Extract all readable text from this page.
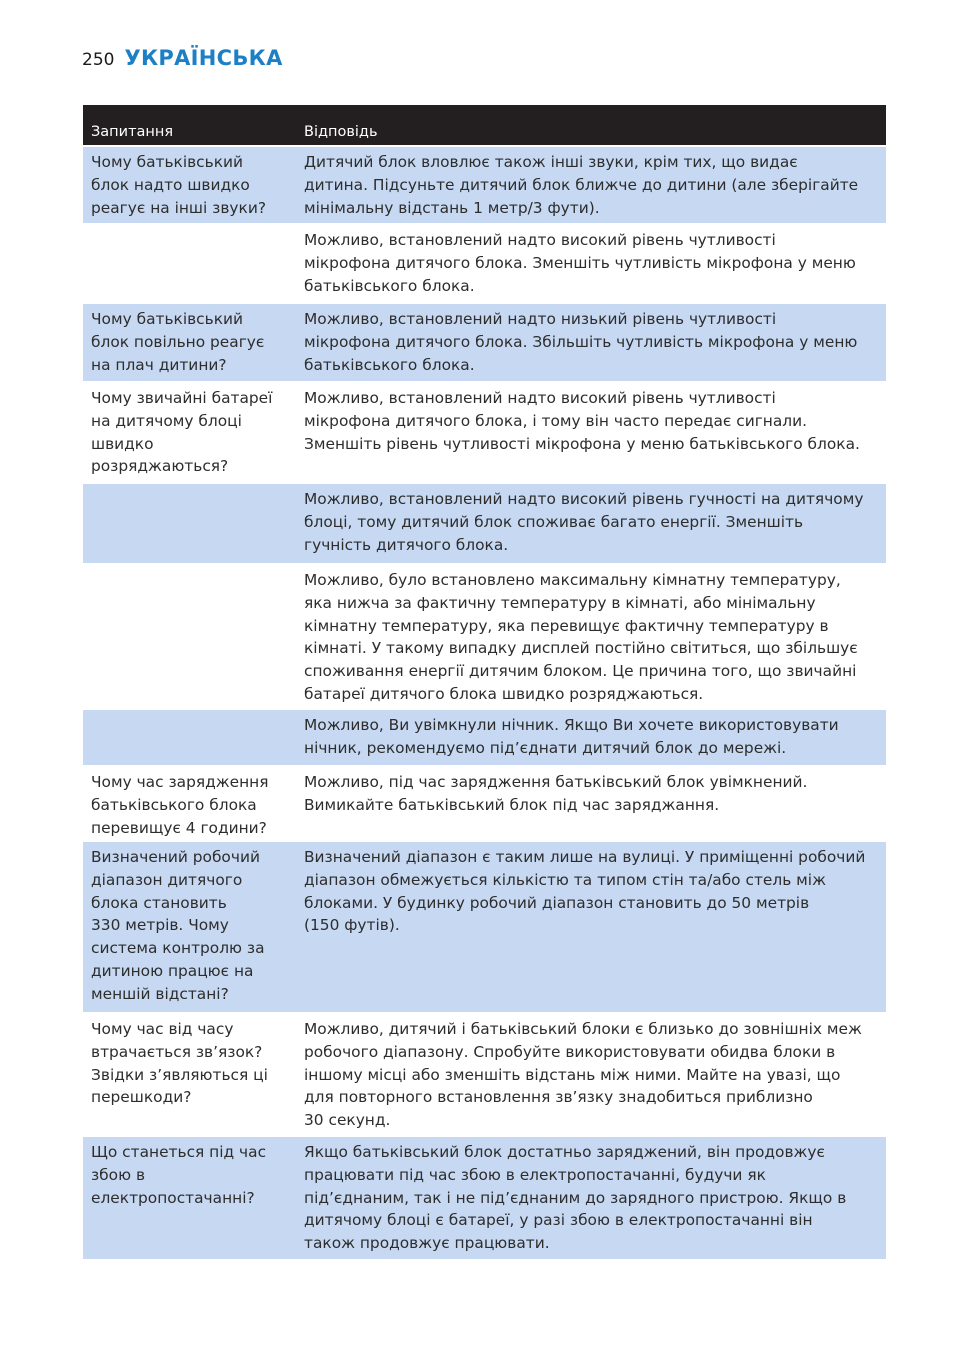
250 УКРАЇНСЬКА
Запитання	Відповідь
Чому батьківський
блок надто швидко
реагує на інші звуки?
Дитячий блок вловлює також інші звуки, крім тих, що видає
дитина. Підсуньте дитячий блок ближче до дитини (але зберігайте
мінімальну відстань 1 метр/3 фути).
Можливо, встановлений надто високий рівень чутливості
мікрофона дитячого блока. Зменшіть чутливість мікрофона у меню
батьківського блока.
Чому батьківський
блок повільно реагує
на плач дитини?
Можливо, встановлений надто низький рівень чутливості
мікрофона дитячого блока. Збільшіть чутливість мікрофона у меню
батьківського блока.
Чому звичайні батареї
на дитячому блоці
швидко
розряджаються?
Можливо, встановлений надто високий рівень чутливості
мікрофона дитячого блока, і тому він часто передає сигнали.
Зменшіть рівень чутливості мікрофона у меню батьківського блока.
Можливо, встановлений надто високий рівень гучності на дитячому
блоці, тому дитячий блок споживає багато енергії. Зменшіть
гучність дитячого блока.
Можливо, було встановлено максимальну кімнатну температуру,
яка нижча за фактичну температуру в кімнаті, або мінімальну
кімнатну температуру, яка перевищує фактичну температуру в
кімнаті. У такому випадку дисплей постійно світиться, що збільшує
споживання енергії дитячим блоком. Це причина того, що звичайні
батареї дитячого блока швидко розряджаються.
Можливо, Ви увімкнули нічник. Якщо Ви хочете використовувати
нічник, рекомендуємо під’єднати дитячий блок до мережі.
Чому час зарядження
батьківського блока
перевищує 4 години?
Можливо, під час зарядження батьківський блок увімкнений.
Вимикайте батьківський блок під час заряджання.
Визначений робочий
діапазон дитячого
блока становить
330 метрів. Чому
система контролю за
дитиною працює на
меншій відстані?
Визначений діапазон є таким лише на вулиці. У приміщенні робочий
діапазон обмежується кількістю та типом стін та/або стель між
блоками. У будинку робочий діапазон становить до 50 метрів
(150 футів).
Чому час від часу
втрачається зв’язок?
Звідки з’являються ці
перешкоди?
Можливо, дитячий і батьківський блоки є близько до зовнішніх меж
робочого діапазону. Спробуйте використовувати обидва блоки в
іншому місці або зменшіть відстань між ними. Майте на увазі, що
для повторного встановлення зв’язку знадобиться приблизно
30 секунд.
Що станеться під час
збою в
електропостачанні?
Якщо батьківський блок достатньо заряджений, він продовжує
працювати під час збою в електропостачанні, будучи як
під’єднаним, так і не під’єднаним до зарядного пристрою. Якщо в
дитячому блоці є батареї, у разі збою в електропостачанні він
також продовжує працювати.
